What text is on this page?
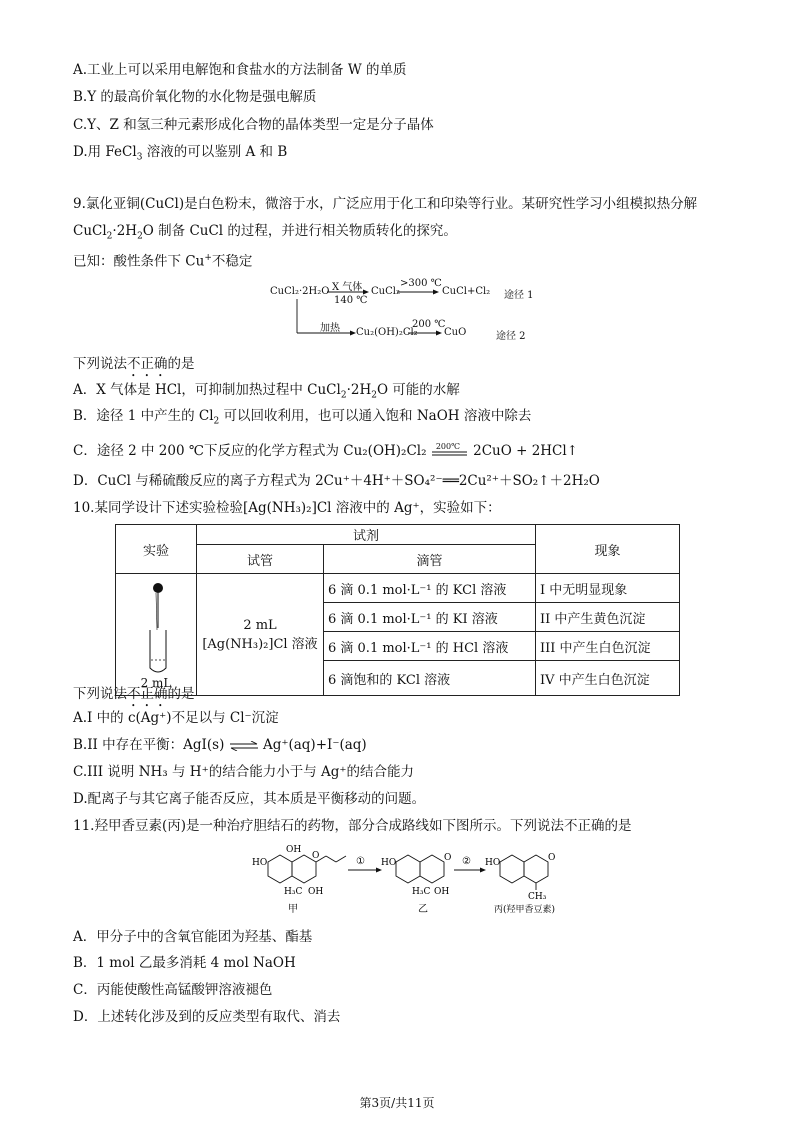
A.工业上可以采用电解饱和食盐水的方法制备 W 的单质
B.Y 的最高价氧化物的水化物是强电解质
C.Y、Z 和氢三种元素形成化合物的晶体类型一定是分子晶体
D.用 FeCl$_3$ 溶液的可以鉴别 A 和 B
9.氯化亚铜(CuCl)是白色粉末，微溶于水，广泛应用于化工和印染等行业。某研究性学习小组模拟热分解
$CuCl_2\cdot 2H_2O$ 制备 CuCl 的过程，并进行相关物质转化的探究。
已知：酸性条件下 Cu+不稳定
CuCl₂·2H₂O X 气体
140 ℃
CuCl₂
>300 ℃
CuCl+Cl₂ 途径 1
加热 Cu₂(OH)₂Cl₂
200 ℃
CuO	途径 2
下列说法不正确的是
A．X 气体是 HCl，可抑制加热过程中 $CuCl_2\cdot 2H_2O$ 可能的水解
B．途径 1 中产生的 $Cl_2$ 可以回收利用，也可以通入饱和 NaOH 溶液中除去
C．途径 2 中 200 ℃下反应的化学方程式为 Cu₂(OH)₂Cl₂ 200℃ 2CuO + 2HCl↑
D．CuCl 与稀硫酸反应的离子方程式为 2Cu⁺＋4H⁺＋SO₄²⁻══2Cu²⁺＋SO₂↑＋2H₂O
10.某同学设计下述实验检验[Ag(NH₃)₂]Cl 溶液中的 Ag⁺，实验如下：
实验	试剂		现象
	试管	滴管	

2 mL	2 mL [Ag(NH₃)₂]Cl 溶液	6 滴 0.1 mol·L⁻¹ 的 KCl 溶液	I 中无明显现象
		6 滴 0.1 mol·L⁻¹ 的 KI 溶液	II 中产生黄色沉淀
		6 滴 0.1 mol·L⁻¹ 的 HCl 溶液	III 中产生白色沉淀
		6 滴饱和的 KCl 溶液	IV 中产生白色沉淀
下列说法不正确的是
A.I 中的 c(Ag⁺)不足以与 Cl⁻沉淀
B.II 中存在平衡：AgI(s) ⇌ Ag⁺(aq)+I⁻(aq)
C.III 说明 NH₃ 与 H⁺的结合能力小于与 Ag⁺的结合能力
D.配离子与其它离子能否反应，其本质是平衡移动的问题。
11.羟甲香豆素(丙)是一种治疗胆结石的药物，部分合成路线如下图所示。下列说法不正确的是
HO
OH
O
H₃C OH
甲
① HO	O
H₃C OH
乙
② HO	O
CH₃
丙(羟甲香豆素)
A．甲分子中的含氧官能团为羟基、酯基
B．1 mol 乙最多消耗 4 mol NaOH
C．丙能使酸性高锰酸钾溶液褪色
D．上述转化涉及到的反应类型有取代、消去
第3页/共11页
